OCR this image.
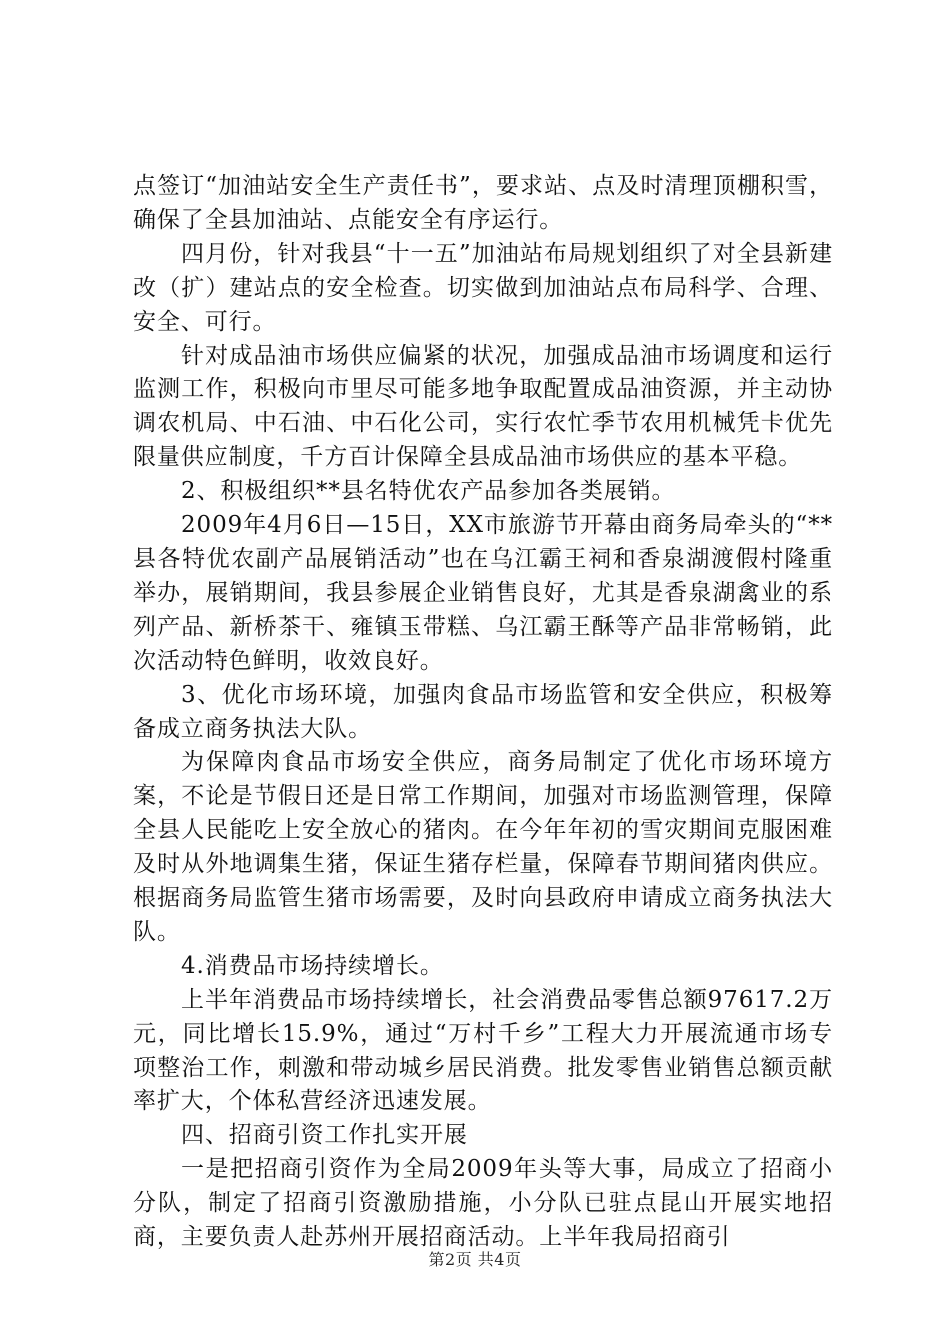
点签订“加油站安全生产责任书”，要求站、点及时清理顶棚积雪，确保了全县加油站、点能安全有序运行。

四月份，针对我县“十一五”加油站布局规划组织了对全县新建改（扩）建站点的安全检查。切实做到加油站点布局科学、合理、安全、可行。

针对成品油市场供应偏紧的状况，加强成品油市场调度和运行监测工作，积极向市里尽可能多地争取配置成品油资源，并主动协调农机局、中石油、中石化公司，实行农忙季节农用机械凭卡优先限量供应制度，千方百计保障全县成品油市场供应的基本平稳。

2、积极组织**县名特优农产品参加各类展销。

2009年4月6日—15日，XX市旅游节开幕由商务局牵头的“**县各特优农副产品展销活动”也在乌江霸王祠和香泉湖渡假村隆重举办，展销期间，我县参展企业销售良好，尤其是香泉湖禽业的系列产品、新桥茶干、雍镇玉带糕、乌江霸王酥等产品非常畅销，此次活动特色鲜明，收效良好。

3、优化市场环境，加强肉食品市场监管和安全供应，积极筹备成立商务执法大队。

为保障肉食品市场安全供应，商务局制定了优化市场环境方案，不论是节假日还是日常工作期间，加强对市场监测管理，保障全县人民能吃上安全放心的猪肉。在今年年初的雪灾期间克服困难及时从外地调集生猪，保证生猪存栏量，保障春节期间猪肉供应。根据商务局监管生猪市场需要，及时向县政府申请成立商务执法大队。

4.消费品市场持续增长。

上半年消费品市场持续增长，社会消费品零售总额97617.2万元，同比增长15.9%，通过“万村千乡”工程大力开展流通市场专项整治工作，刺激和带动城乡居民消费。批发零售业销售总额贡献率扩大，个体私营经济迅速发展。

四、招商引资工作扎实开展

一是把招商引资作为全局2009年头等大事，局成立了招商小分队，制定了招商引资激励措施，小分队已驻点昆山开展实地招商，主要负责人赴苏州开展招商活动。上半年我局招商引

第2页 共4页
